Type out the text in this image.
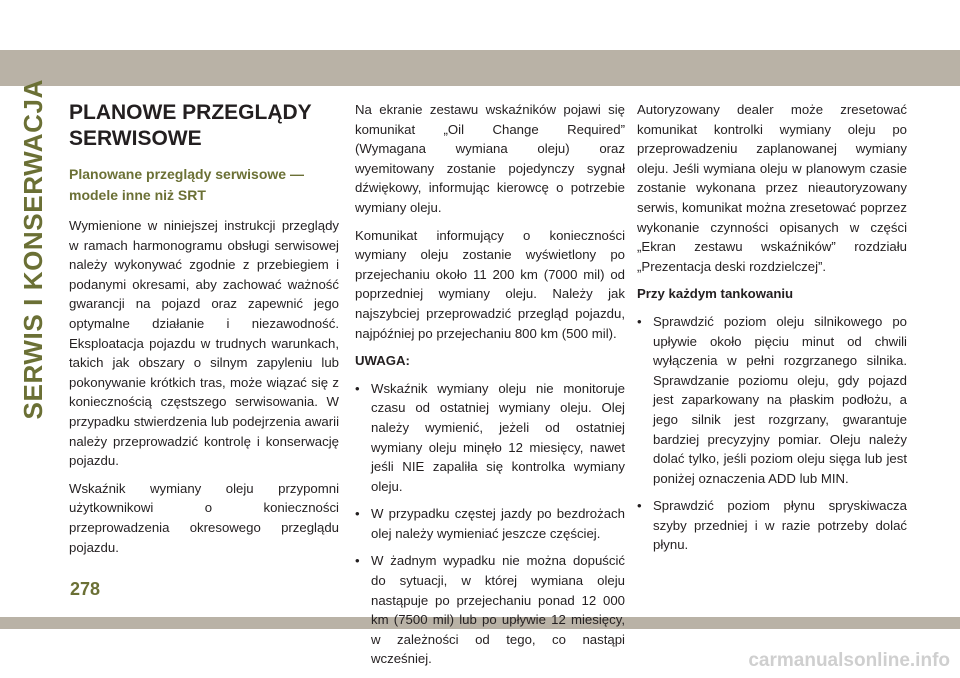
SERWIS I KONSERWACJA PLANOWE PRZEGLĄDY
SERWISOWE
Planowane przeglądy serwisowe —
modele inne niż SRT

Wymienione w niniejszej instrukcji przeglądy w ramach harmonogramu obsługi serwisowej należy wykonywać zgodnie z przebiegiem i podanymi okresami, aby zachować ważność gwarancji na pojazd oraz zapewnić jego optymalne działanie i niezawodność. Eksploatacja pojazdu w trudnych warunkach, takich jak obszary o silnym zapyleniu lub pokonywanie krótkich tras, może wiązać się z koniecznością częstszego serwisowania. W przypadku stwierdzenia lub podejrzenia awarii należy przeprowadzić kontrolę i konserwację pojazdu.

Wskaźnik wymiany oleju przypomni użytkownikowi o konieczności przeprowadzenia okresowego przeglądu pojazdu.

Na ekranie zestawu wskaźników pojawi się komunikat „Oil Change Required” (Wymagana wymiana oleju) oraz wyemitowany zostanie pojedynczy sygnał dźwiękowy, informując kierowcę o potrzebie wymiany oleju.

Komunikat informujący o konieczności wymiany oleju zostanie wyświetlony po przejechaniu około 11 200 km (7000 mil) od poprzedniej wymiany oleju. Należy jak najszybciej przeprowadzić przegląd pojazdu, najpóźniej po przejechaniu 800 km (500 mil).

UWAGA:

• Wskaźnik wymiany oleju nie monitoruje czasu od ostatniej wymiany oleju. Olej należy wymienić, jeżeli od ostatniej wymiany oleju minęło 12 miesięcy, nawet jeśli NIE zapaliła się kontrolka wymiany oleju.
• W przypadku częstej jazdy po bezdrożach olej należy wymieniać jeszcze częściej.
• W żadnym wypadku nie można dopuścić do sytuacji, w której wymiana oleju nastąpuje po przejechaniu ponad 12 000 km (7500 mil) lub po upływie 12 miesięcy, w zależności od tego, co nastąpi wcześniej.

Autoryzowany dealer może zresetować komunikat kontrolki wymiany oleju po przeprowadzeniu zaplanowanej wymiany oleju. Jeśli wymiana oleju w planowym czasie zostanie wykonana przez nieautoryzowany serwis, komunikat można zresetować poprzez wykonanie czynności opisanych w części „Ekran zestawu wskaźników” rozdziału „Prezentacja deski rozdzielczej”.

Przy każdym tankowaniu

• Sprawdzić poziom oleju silnikowego po upływie około pięciu minut od chwili wyłączenia w pełni rozgrzanego silnika. Sprawdzanie poziomu oleju, gdy pojazd jest zaparkowany na płaskim podłożu, a jego silnik jest rozgrzany, gwarantuje bardziej precyzyjny pomiar. Oleju należy dolać tylko, jeśli poziom oleju sięga lub jest poniżej oznaczenia ADD lub MIN.
• Sprawdzić poziom płynu spryskiwacza szyby przedniej i w razie potrzeby dolać płynu.
278
carmanualsonline.info
